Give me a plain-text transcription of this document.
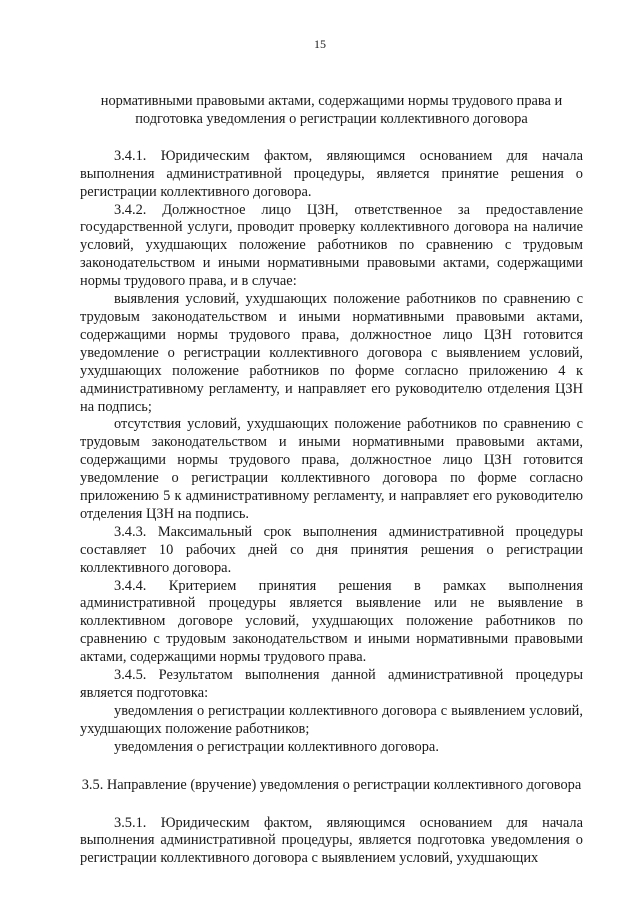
15

нормативными правовыми актами, содержащими нормы трудового права и подготовка уведомления о регистрации коллективного договора

3.4.1. Юридическим фактом, являющимся основанием для начала выполнения административной процедуры, является принятие решения о регистрации коллективного договора.

3.4.2. Должностное лицо ЦЗН, ответственное за предоставление государственной услуги, проводит проверку коллективного договора на наличие условий, ухудшающих положение работников по сравнению с трудовым законодательством и иными нормативными правовыми актами, содержащими нормы трудового права, и в случае:

выявления условий, ухудшающих положение работников по сравнению с трудовым законодательством и иными нормативными правовыми актами, содержащими нормы трудового права, должностное лицо ЦЗН готовится уведомление о регистрации коллективного договора с выявлением условий, ухудшающих положение работников по форме согласно приложению 4 к административному регламенту, и направляет его руководителю отделения ЦЗН на подпись;

отсутствия условий, ухудшающих положение работников по сравнению с трудовым законодательством и иными нормативными правовыми актами, содержащими нормы трудового права, должностное лицо ЦЗН готовится уведомление о регистрации коллективного договора по форме согласно приложению 5 к административному регламенту, и направляет его руководителю отделения ЦЗН на подпись.

3.4.3. Максимальный срок выполнения административной процедуры составляет 10 рабочих дней со дня принятия решения о регистрации коллективного договора.

3.4.4. Критерием принятия решения в рамках выполнения административной процедуры является выявление или не выявление в коллективном договоре условий, ухудшающих положение работников по сравнению с трудовым законодательством и иными нормативными правовыми актами, содержащими нормы трудового права.

3.4.5. Результатом выполнения данной административной процедуры является подготовка:

уведомления о регистрации коллективного договора с выявлением условий, ухудшающих положение работников;

уведомления о регистрации коллективного договора.

3.5. Направление (вручение) уведомления о регистрации коллективного договора

3.5.1. Юридическим фактом, являющимся основанием для начала выполнения административной процедуры, является подготовка уведомления о регистрации коллективного договора с выявлением условий, ухудшающих
